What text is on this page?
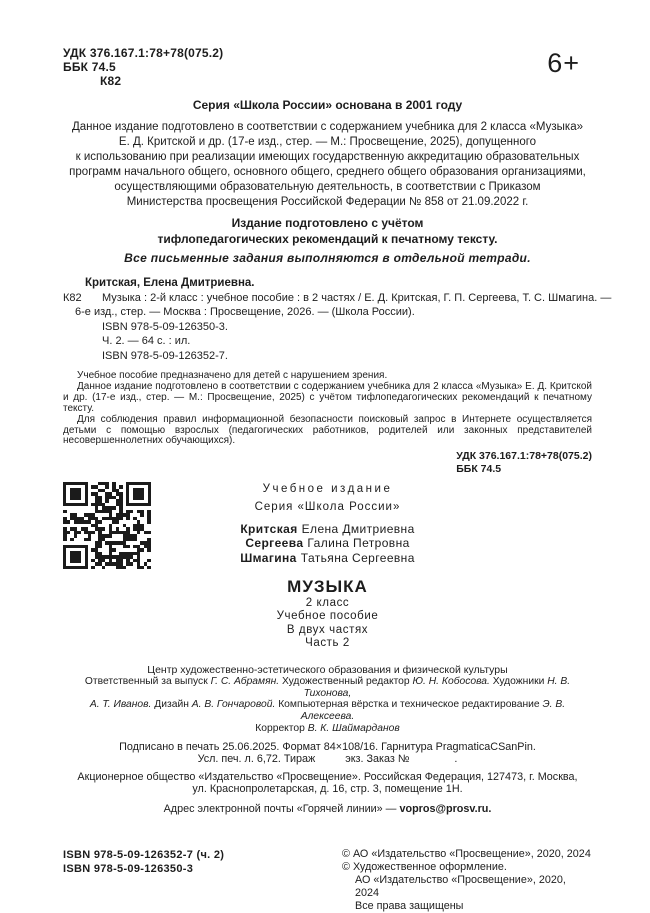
УДК 376.167.1:78+78(075.2)
ББК 74.5
К82
6+
Серия «Школа России» основана в 2001 году
Данное издание подготовлено в соответствии с содержанием учебника для 2 класса «Музыка»
Е. Д. Критской и др. (17-е изд., стер. — М.: Просвещение, 2025), допущенного
к использованию при реализации имеющих государственную аккредитацию образовательных
программ начального общего, основного общего, среднего общего образования организациями,
осуществляющими образовательную деятельность, в соответствии с Приказом
Министерства просвещения Российской Федерации № 858 от 21.09.2022 г.
Издание подготовлено с учётом
тифлопедагогических рекомендаций к печатному тексту.
Все письменные задания выполняются в отдельной тетради.
Критская, Елена Дмитриевна.
К82 Музыка : 2-й класс : учебное пособие : в 2 частях / Е. Д. Критская, Г. П. Сергеева, Т. С. Шмагина. —
6-е изд., стер. — Москва : Просвещение, 2026. — (Школа России).
ISBN 978-5-09-126350-3.
Ч. 2. — 64 с. : ил.
ISBN 978-5-09-126352-7.

Учебное пособие предназначено для детей с нарушением зрения.

Данное издание подготовлено в соответствии с содержанием учебника для 2 класса «Музыка» Е. Д. Критской и др. (17-е изд., стер. — М.: Просвещение, 2025) с учётом тифлопедагогических рекомендаций к печатному тексту.

Для соблюдения правил информационной безопасности поисковый запрос в Интернете осуществляется детьми с помощью взрослых (педагогических работников, родителей или законных представителей несовершеннолетних обучающихся).

УДК 376.167.1:78+78(075.2)
ББК 74.5
Учебное издание
Серия «Школа России»
Критская Елена Дмитриевна
Сергеева Галина Петровна
Шмагина Татьяна Сергеевна
МУЗЫКА
2 класс
Учебное пособие
В двух частях
Часть 2
Центр художественно-эстетического образования и физической культуры
Ответственный за выпуск Г. С. Абрамян. Художественный редактор Ю. Н. Кобосова. Художники Н. В. Тихонова,
А. Т. Иванов. Дизайн А. В. Гончаровой. Компьютерная вёрстка и техническое редактирование Э. В. Алексеева.
Корректор В. К. Шаймарданов
Подписано в печать 25.06.2025. Формат 84×108/16. Гарнитура PragmaticaCSanPin.
Усл. печ. л. 6,72. Тираж          экз. Заказ №               .
Акционерное общество «Издательство «Просвещение». Российская Федерация, 127473, г. Москва,
ул. Краснопролетарская, д. 16, стр. 3, помещение 1Н.
Адрес электронной почты «Горячей линии» — vopros@prosv.ru.
ISBN 978-5-09-126352-7 (ч. 2)
ISBN 978-5-09-126350-3
© АО «Издательство «Просвещение», 2020, 2024
© Художественное оформление.
АО «Издательство «Просвещение», 2020, 2024
Все права защищены
